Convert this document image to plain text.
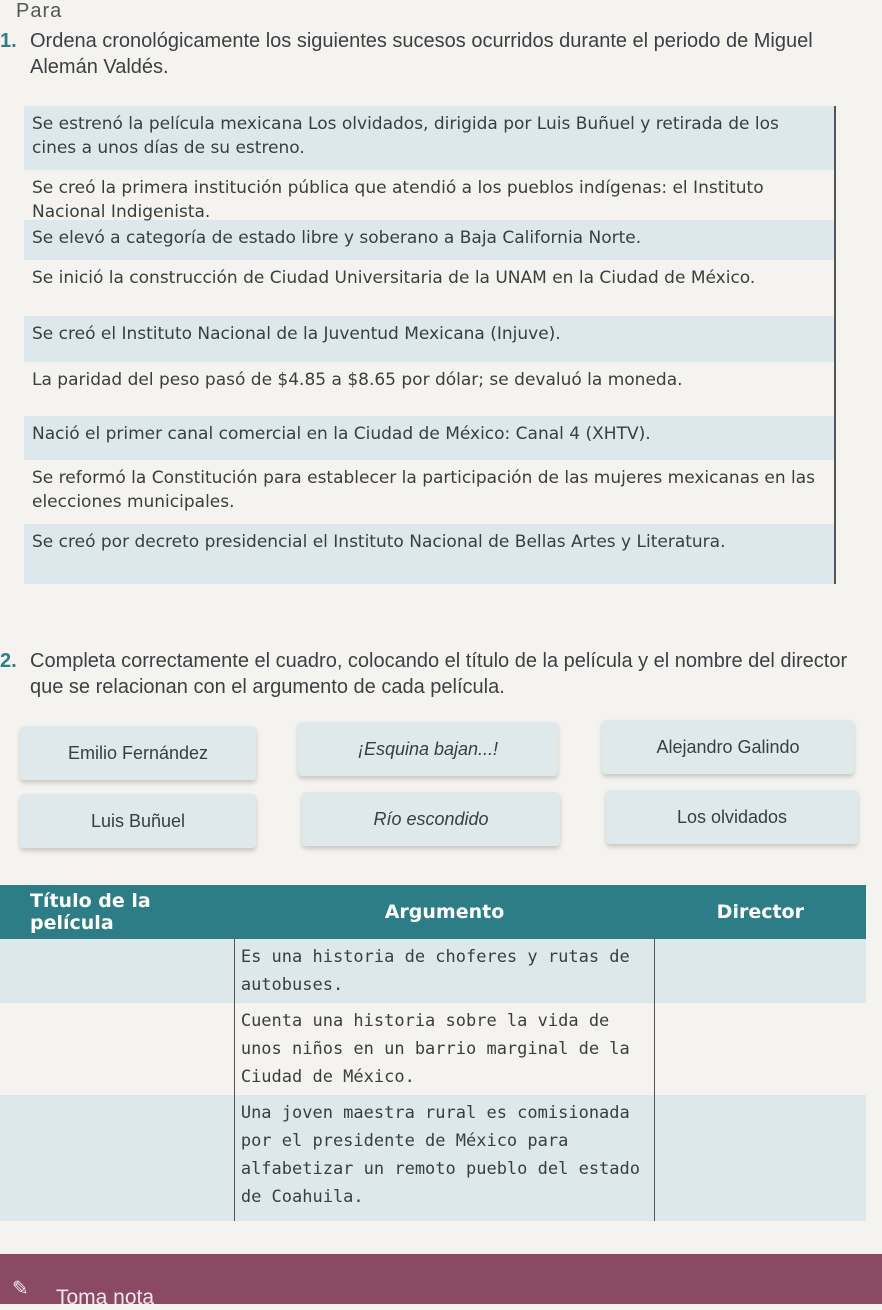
Para
1. Ordena cronológicamente los siguientes sucesos ocurridos durante el periodo de Miguel Alemán Valdés.
Se estrenó la película mexicana Los olvidados, dirigida por Luis Buñuel y retirada de los cines a unos días de su estreno.
Se creó la primera institución pública que atendió a los pueblos indígenas: el Instituto Nacional Indigenista.
Se elevó a categoría de estado libre y soberano a Baja California Norte.
Se inició la construcción de Ciudad Universitaria de la UNAM en la Ciudad de México.
Se creó el Instituto Nacional de la Juventud Mexicana (Injuve).
La paridad del peso pasó de $4.85 a $8.65 por dólar; se devaluó la moneda.
Nació el primer canal comercial en la Ciudad de México: Canal 4 (XHTV).
Se reformó la Constitución para establecer la participación de las mujeres mexicanas en las elecciones municipales.
Se creó por decreto presidencial el Instituto Nacional de Bellas Artes y Literatura.
2. Completa correctamente el cuadro, colocando el título de la película y el nombre del director que se relacionan con el argumento de cada película.
Emilio Fernández	¡Esquina bajan...!	Alejandro Galindo
Luis Buñuel	Río escondido	Los olvidados
Título de la película	Argumento	Director
	Es una historia de choferes y rutas de autobuses.	
	Cuenta una historia sobre la vida de unos niños en un barrio marginal de la Ciudad de México.	
	Una joven maestra rural es comisionada por el presidente de México para alfabetizar un remoto pueblo del estado de Coahuila.	
✎ Toma nota
